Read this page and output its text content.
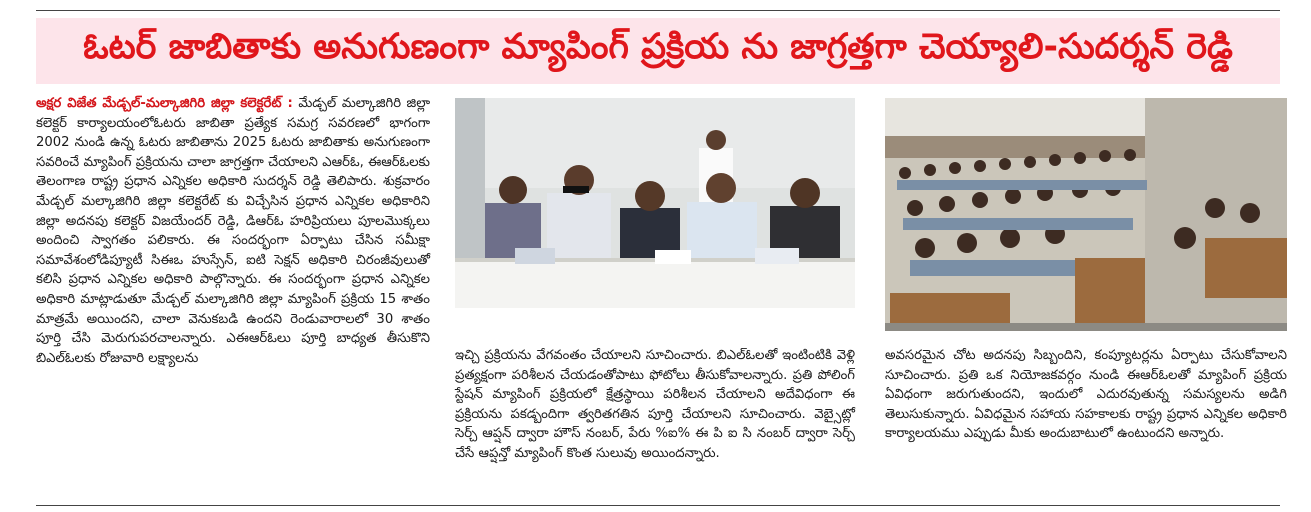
ఓటర్ జాబితాకు అనుగుణంగా మ్యాపింగ్ ప్రక్రియ ను జాగ్రత్తగా చెయ్యాలి-సుదర్శన్ రెడ్డి
అక్షర విజేత మేడ్చల్-మల్కాజిగిరి జిల్లా కలెక్టరేట్ : మేడ్చల్ మల్కాజిగిరి జిల్లా కలెక్టర్ కార్యాలయంలోఓటరు జాబితా ప్రత్యేక సమగ్ర సవరణలో భాగంగా 2002 నుండి ఉన్న ఓటరు జాబితాను 2025 ఓటరు జాబితాకు అనుగుణంగా సవరించే మ్యాపింగ్ ప్రక్రియను చాలా జాగ్రత్తగా చేయాలని ఎఆర్ఓ, ఈఆర్ఓలకు తెలంగాణ రాష్ట్ర ప్రధాన ఎన్నికల అధికారి సుదర్శన్ రెడ్డి తెలిపారు. శుక్రవారం మేడ్చల్ మల్కాజిగిరి జిల్లా కలెక్టరేట్ కు విచ్చేసిన ప్రధాన ఎన్నికల అధికారిని జిల్లా అదనపు కలెక్టర్ విజయేందర్ రెడ్డి, డిఆర్ఓ హరిప్రియలు పూలమొక్కలు అందించి స్వాగతం పలికారు. ఈ సందర్భంగా ఏర్పాటు చేసిన సమీక్షా సమావేశంలోడిప్యూటీ సిఈఒ హుస్సేన్, ఐటి సెక్షన్ అధికారి చిరంజీవులుతో కలిసి ప్రధాన ఎన్నికల అధికారి పాల్గొన్నారు. ఈ సందర్భంగా ప్రధాన ఎన్నికల అధికారి మాట్లాడుతూ మేడ్చల్ మల్కాజిగిరి జిల్లా మ్యాపింగ్ ప్రక్రియ 15 శాతం మాత్రమే అయిందని, చాలా వెనుకబడి ఉందని రెండువారాలలో 30 శాతం పూర్తి చేసి మెరుగుపరచాలన్నారు. ఎఈఆర్ఓలు పూర్తి బాధ్యత తీసుకొని బిఎల్ఓలకు రోజువారి లక్ష్యాలను	ఇచ్చి ప్రక్రియను వేగవంతం చేయాలని సూచించారు. బిఎల్ఓలతో ఇంటింటికి వెళ్లి ప్రత్యక్షంగా పరిశీలన చేయడంతోపాటు ఫోటోలు తీసుకోవాలన్నారు. ప్రతి పోలింగ్ స్టేషన్ మ్యాపింగ్ ప్రక్రియలో క్షేత్రస్థాయి పరిశీలన చేయాలని అదేవిధంగా ఈ ప్రక్రియను పకడ్బందిగా త్వరితగతిన పూర్తి చేయాలని సూచించారు. వెబ్సైట్లో సెర్చ్ ఆప్షన్ ద్వారా హౌస్ నంబర్, పేరు %ఐ% ఈ పి ఐ సి నంబర్ ద్వారా సెర్చ్ చేసే ఆప్షన్తో మ్యాపింగ్ కొంత సులువు అయిందన్నారు.
అవసరమైన చోట అదనపు సిబ్బందిని, కంప్యూటర్లను ఏర్పాటు చేసుకోవాలని సూచించారు. ప్రతి ఒక నియోజకవర్గం నుండి ఈఆర్ఓలతో మ్యాపింగ్ ప్రక్రియ ఏవిధంగా జరుగుతుందని, ఇందులో ఎదురవుతున్న సమస్యలను అడిగి తెలుసుకున్నారు. ఏవిధమైన సహాయ సహకాలకు రాష్ట్ర ప్రధాన ఎన్నికల అధికారి కార్యాలయము ఎప్పుడు మీకు అందుబాటులో ఉంటుందని అన్నారు.
